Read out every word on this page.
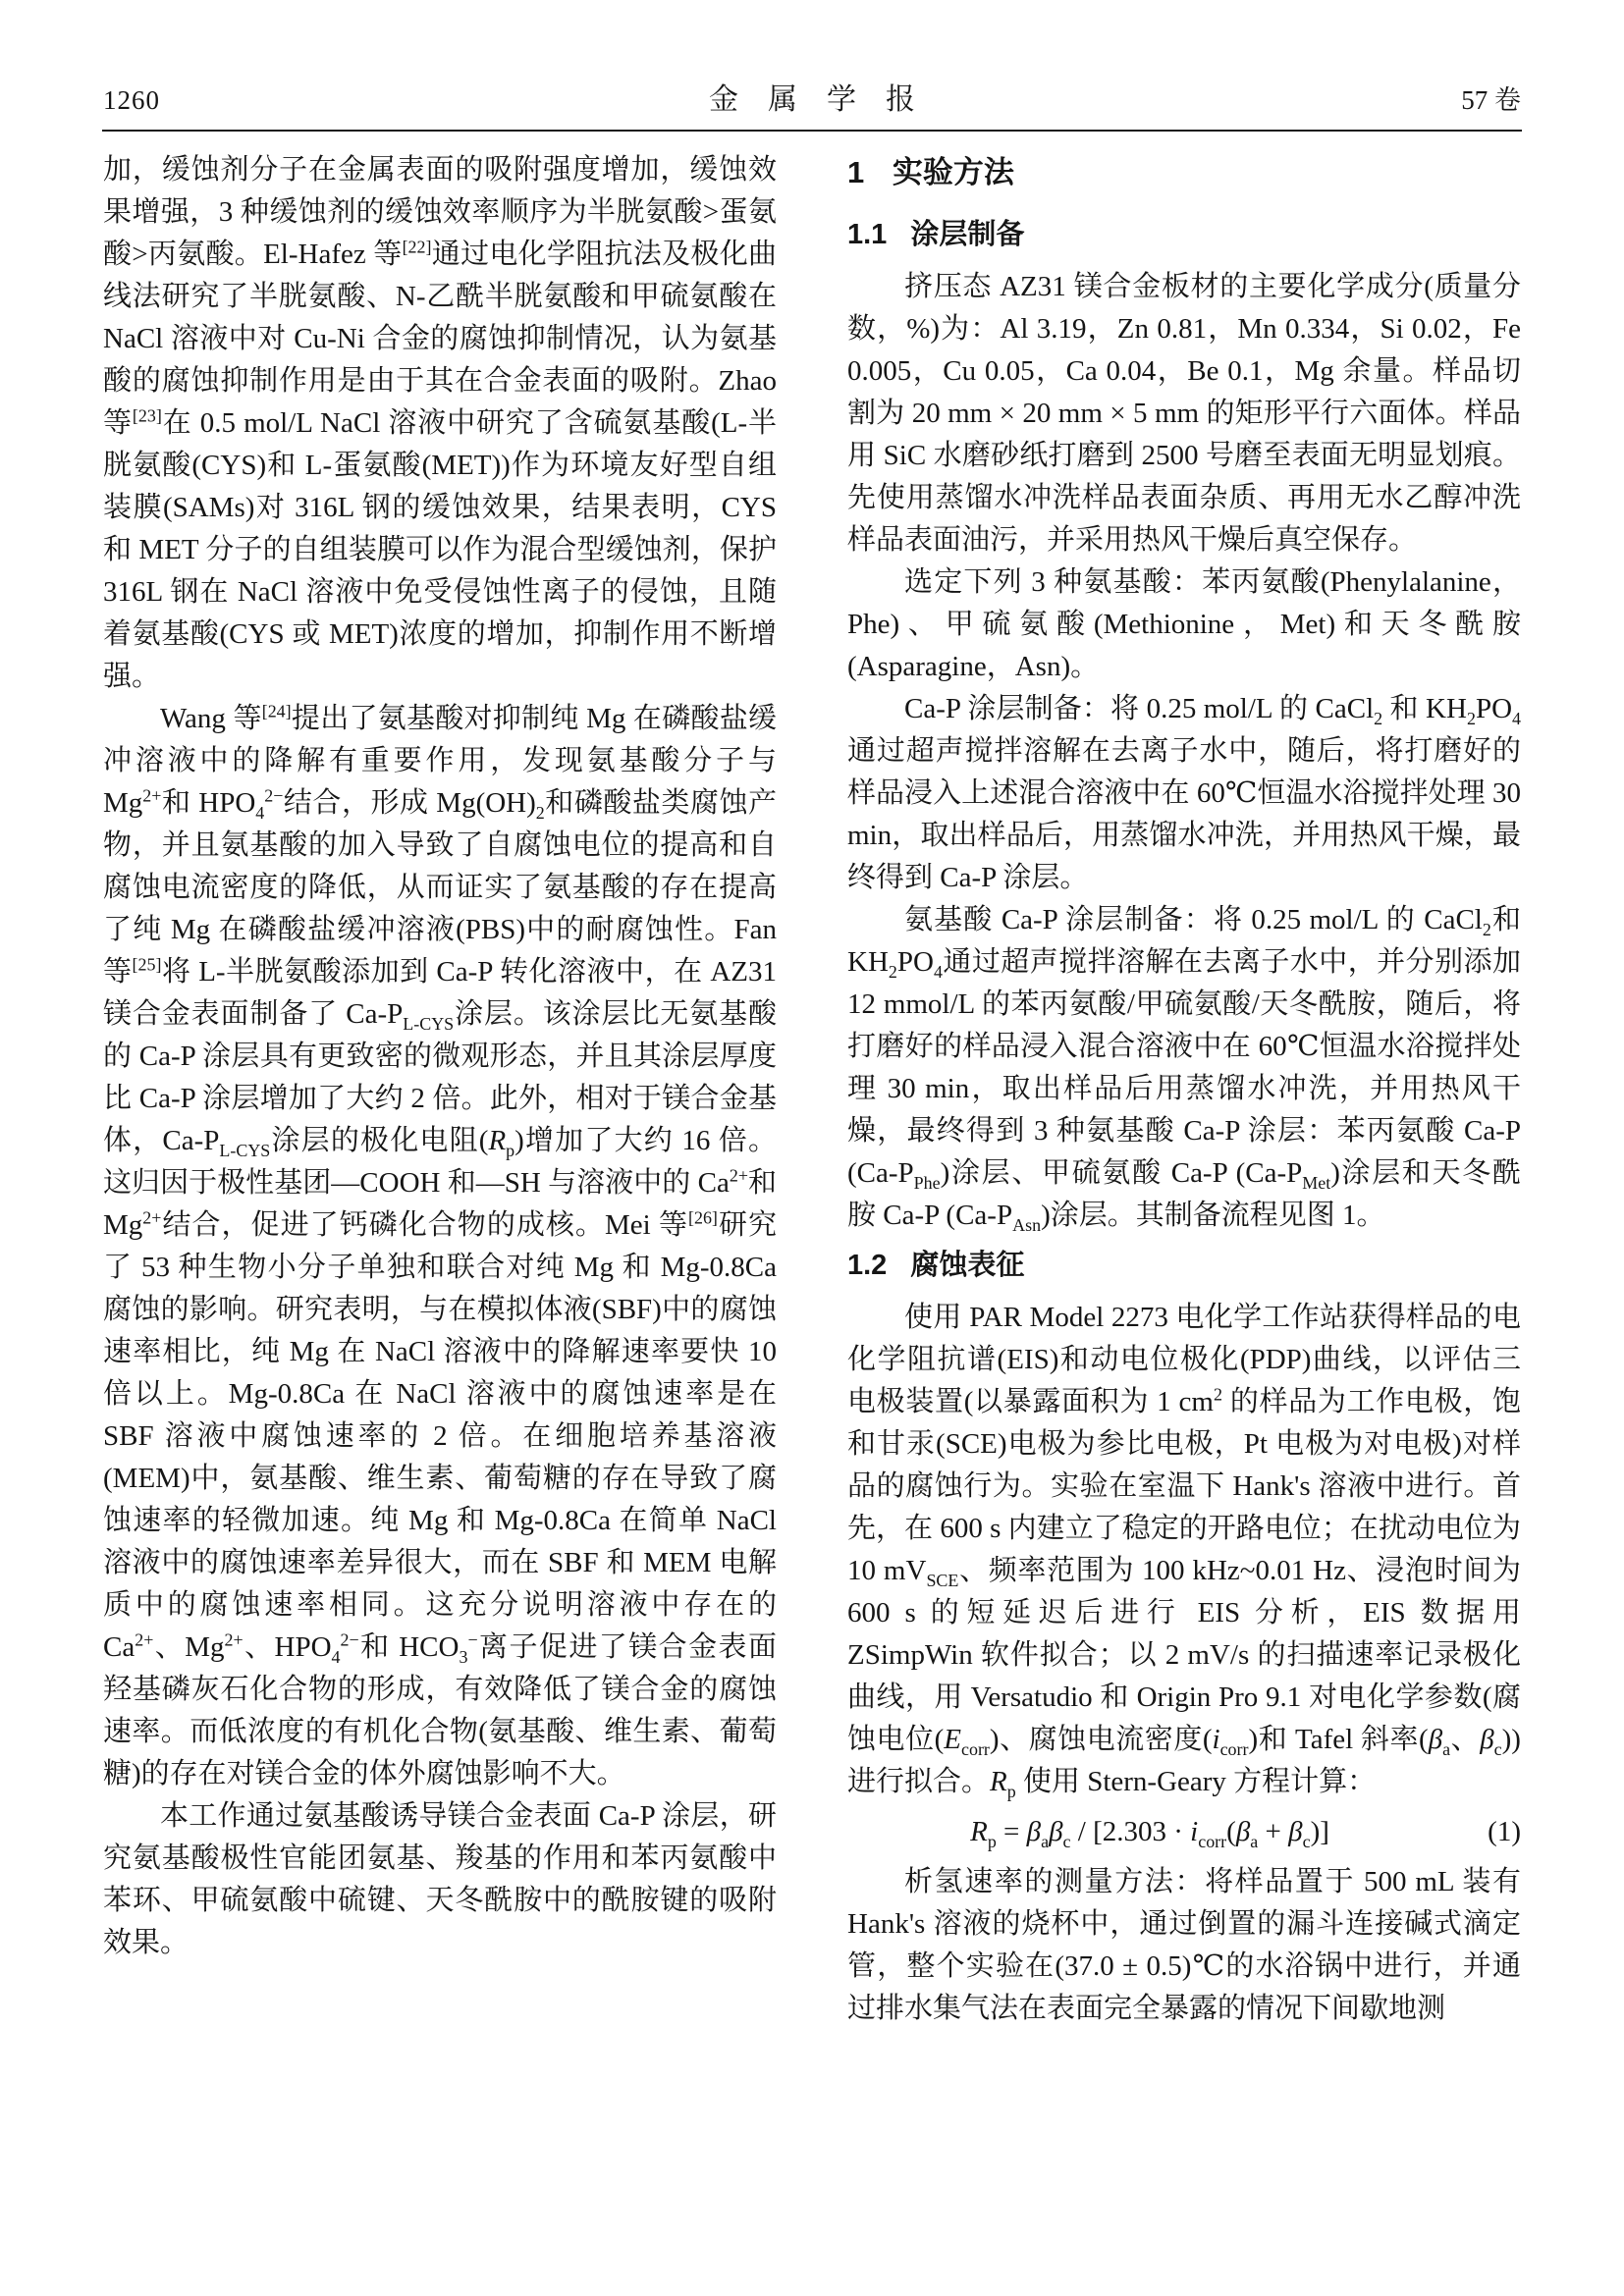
1260	金　属　学　报	57 卷

加，缓蚀剂分子在金属表面的吸附强度增加，缓蚀效果增强，3 种缓蚀剂的缓蚀效率顺序为半胱氨酸>蛋氨酸>丙氨酸。El-Hafez 等[22]通过电化学阻抗法及极化曲线法研究了半胱氨酸、N-乙酰半胱氨酸和甲硫氨酸在 NaCl 溶液中对 Cu-Ni 合金的腐蚀抑制情况，认为氨基酸的腐蚀抑制作用是由于其在合金表面的吸附。Zhao 等[23]在 0.5 mol/L NaCl 溶液中研究了含硫氨基酸(L-半胱氨酸(CYS)和 L-蛋氨酸(MET))作为环境友好型自组装膜(SAMs)对 316L 钢的缓蚀效果，结果表明，CYS 和 MET 分子的自组装膜可以作为混合型缓蚀剂，保护 316L 钢在 NaCl 溶液中免受侵蚀性离子的侵蚀，且随着氨基酸(CYS 或 MET)浓度的增加，抑制作用不断增强。

Wang 等[24]提出了氨基酸对抑制纯 Mg 在磷酸盐缓冲溶液中的降解有重要作用，发现氨基酸分子与 $Mg^{2+}$和 $HPO_4^{2-}$结合，形成 $Mg(OH)_2$和磷酸盐类腐蚀产物，并且氨基酸的加入导致了自腐蚀电位的提高和自腐蚀电流密度的降低，从而证实了氨基酸的存在提高了纯 Mg 在磷酸盐缓冲溶液(PBS)中的耐腐蚀性。Fan 等[25]将 L-半胱氨酸添加到 Ca-P 转化溶液中，在 AZ31 镁合金表面制备了 $Ca-P_{L-CYS}$涂层。该涂层比无氨基酸的 Ca-P 涂层具有更致密的微观形态，并且其涂层厚度比 Ca-P 涂层增加了大约 2 倍。此外，相对于镁合金基体，$Ca-P_{L-CYS}$涂层的极化电阻$(R_p)$增加了大约 16 倍。这归因于极性基团—COOH 和—SH 与溶液中的 $Ca^{2+}$和 $Mg^{2+}$结合，促进了钙磷化合物的成核。Mei 等[26]研究了 53 种生物小分子单独和联合对纯 Mg 和 Mg-0.8Ca 腐蚀的影响。研究表明，与在模拟体液(SBF)中的腐蚀速率相比，纯 Mg 在 NaCl 溶液中的降解速率要快 10 倍以上。Mg-0.8Ca 在 NaCl 溶液中的腐蚀速率是在 SBF 溶液中腐蚀速率的 2 倍。在细胞培养基溶液(MEM)中，氨基酸、维生素、葡萄糖的存在导致了腐蚀速率的轻微加速。纯 Mg 和 Mg-0.8Ca 在简单 NaCl 溶液中的腐蚀速率差异很大，而在 SBF 和 MEM 电解质中的腐蚀速率相同。这充分说明溶液中存在的 $Ca^{2+}$、$Mg^{2+}$、$HPO_4^{2-}$和 $HCO_3^-$离子促进了镁合金表面羟基磷灰石化合物的形成，有效降低了镁合金的腐蚀速率。而低浓度的有机化合物(氨基酸、维生素、葡萄糖)的存在对镁合金的体外腐蚀影响不大。

本工作通过氨基酸诱导镁合金表面 Ca-P 涂层，研究氨基酸极性官能团氨基、羧基的作用和苯丙氨酸中苯环、甲硫氨酸中硫键、天冬酰胺中的酰胺键的吸附效果。

1 实验方法
1.1 涂层制备

挤压态 AZ31 镁合金板材的主要化学成分(质量分数，%)为：Al 3.19，Zn 0.81，Mn 0.334，Si 0.02，Fe 0.005，Cu 0.05，Ca 0.04，Be 0.1，Mg 余量。样品切割为 20 mm × 20 mm × 5 mm 的矩形平行六面体。样品用 SiC 水磨砂纸打磨到 2500 号磨至表面无明显划痕。先使用蒸馏水冲洗样品表面杂质、再用无水乙醇冲洗样品表面油污，并采用热风干燥后真空保存。

选定下列 3 种氨基酸：苯丙氨酸(Phenylalanine，Phe)、甲硫氨酸(Methionine，Met)和天冬酰胺(Asparagine，Asn)。

Ca-P 涂层制备：将 0.25 mol/L 的 CaCl$_2$ 和 $KH_2PO_4$通过超声搅拌溶解在去离子水中，随后，将打磨好的样品浸入上述混合溶液中在 60℃恒温水浴搅拌处理 30 min，取出样品后，用蒸馏水冲洗，并用热风干燥，最终得到 Ca-P 涂层。

氨基酸 Ca-P 涂层制备：将 0.25 mol/L 的 CaCl$_2$和 $KH_2PO_4$通过超声搅拌溶解在去离子水中，并分别添加 12 mmol/L 的苯丙氨酸/甲硫氨酸/天冬酰胺，随后，将打磨好的样品浸入混合溶液中在 60℃恒温水浴搅拌处理 30 min，取出样品后用蒸馏水冲洗，并用热风干燥，最终得到 3 种氨基酸 Ca-P 涂层：苯丙氨酸 Ca-P $(Ca-P_{Phe})$涂层、甲硫氨酸 Ca-P $(Ca-P_{Met})$涂层和天冬酰胺 Ca-P $(Ca-P_{Asn})$涂层。其制备流程见图 1。

1.2 腐蚀表征

使用 PAR Model 2273 电化学工作站获得样品的电化学阻抗谱(EIS)和动电位极化(PDP)曲线，以评估三电极装置(以暴露面积为 1 $cm^2$ 的样品为工作电极，饱和甘汞(SCE)电极为参比电极，Pt 电极为对电极)对样品的腐蚀行为。实验在室温下 Hank's 溶液中进行。首先，在 600 s 内建立了稳定的开路电位；在扰动电位为 10 $mV_{SCE}$、频率范围为 100 kHz~0.01 Hz、浸泡时间为 600 s 的短延迟后进行 EIS 分析，EIS 数据用 ZSimpWin 软件拟合；以 2 mV/s 的扫描速率记录极化曲线，用 Versatudio 和 Origin Pro 9.1 对电化学参数(腐蚀电位$(E_{corr})$、腐蚀电流密度$(i_{corr})$和 Tafel 斜率($\beta_a$、$\beta_c$))进行拟合。$R_p$ 使用 Stern-Geary 方程计算：

$R_p = \beta_a\beta_c / [2.303 \cdot i_{corr}(\beta_a + \beta_c)]$	(1)

析氢速率的测量方法：将样品置于 500 mL 装有 Hank's 溶液的烧杯中，通过倒置的漏斗连接碱式滴定管，整个实验在(37.0 ± 0.5)℃的水浴锅中进行，并通过排水集气法在表面完全暴露的情况下间歇地测
